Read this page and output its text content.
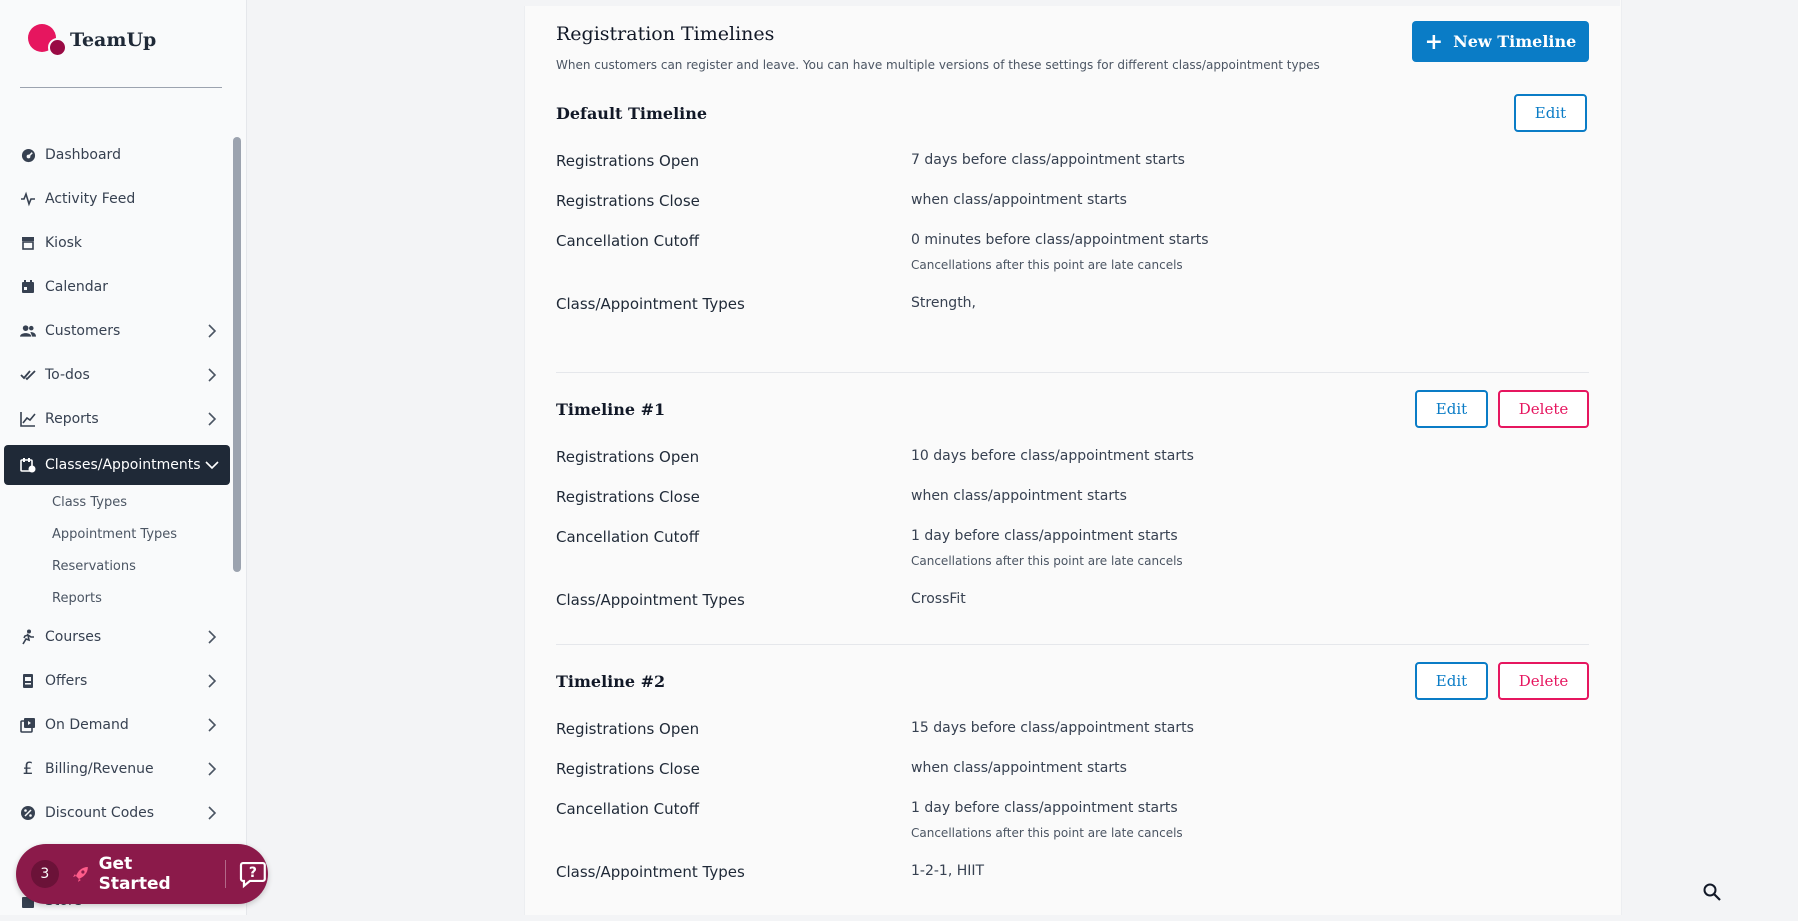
TeamUp
Dashboard
Activity Feed
Kiosk
Calendar
Customers
To-dos
Reports
Classes/Appointments
Class Types
Appointment Types
Reservations
Reports
Courses
Offers
On Demand
£ Billing/Revenue
Discount Codes
3	Get Started
?
Registration Timelines
When customers can register and leave. You can have multiple versions of these settings for different class/appointment types
+ New Timeline
Default Timeline	Edit
Registrations Open	7 days before class/appointment starts
Registrations Close	when class/appointment starts
Cancellation Cutoff	0 minutes before class/appointment starts
Cancellations after this point are late cancels
Class/Appointment Types	Strength,
Timeline #1	Edit	Delete
Registrations Open	10 days before class/appointment starts
Registrations Close	when class/appointment starts
Cancellation Cutoff	1 day before class/appointment starts
Cancellations after this point are late cancels
Class/Appointment Types	CrossFit
Timeline #2	Edit	Delete
Registrations Open	15 days before class/appointment starts
Registrations Close	when class/appointment starts
Cancellation Cutoff	1 day before class/appointment starts
Cancellations after this point are late cancels
Class/Appointment Types	1-2-1, HIIT
